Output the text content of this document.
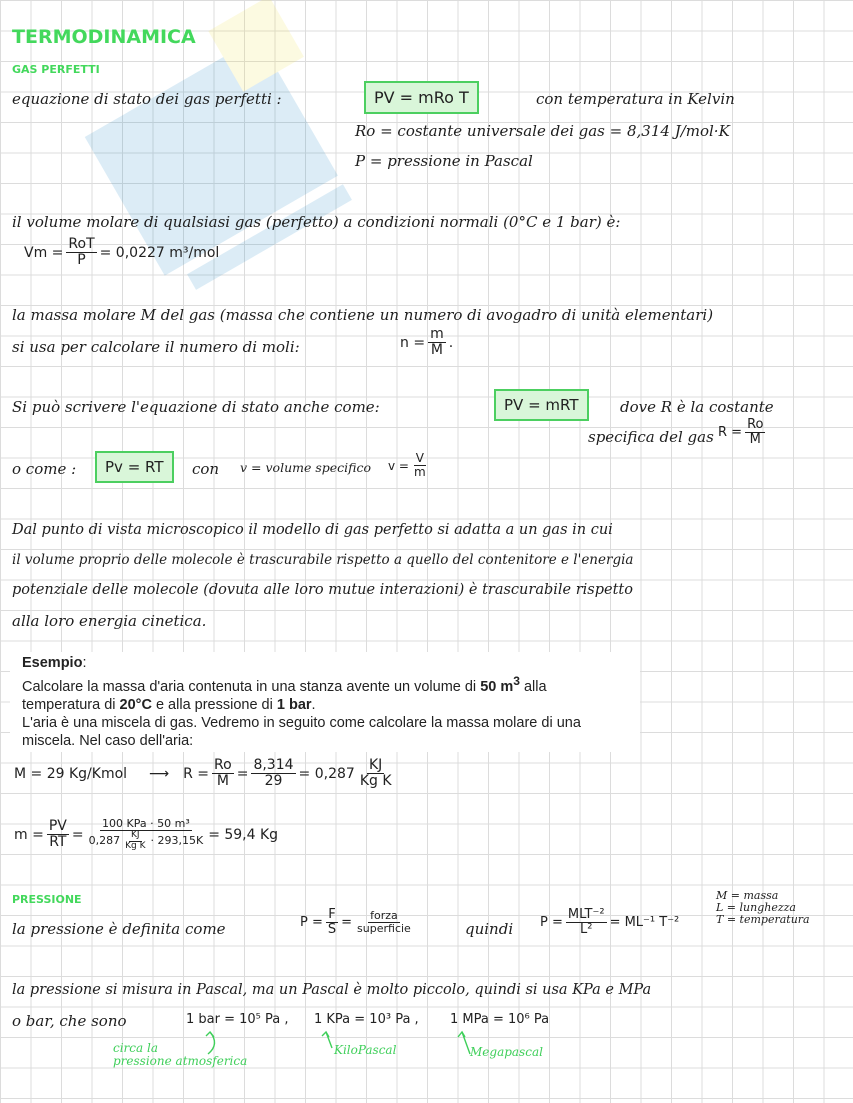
TERMODINAMICA
GAS PERFETTI
equazione di stato dei gas perfetti :	PV = mRo T	con temperatura in Kelvin
Ro = costante universale dei gas = 8,314 J/mol·K
P = pressione in Pascal
il volume molare di qualsiasi gas (perfetto) a condizioni normali (0°C e 1 bar) è:
$Vm = \frac{\text{RoT}}{P} = 0,0227$ m³/mol
la massa molare M del gas (massa che contiene un numero di avogadro di unità elementari)
si usa per calcolare il numero di moli:	$n = \frac{m}{M}$ .
Si può scrivere l'equazione di stato anche come:	PV = mRT	dove R è la costante
specifica del gas $R = \frac{Ro}{M}$
o come :	Pv = RT	con v = volume specifico $v = \frac{V}{m}$
Dal punto di vista microscopico il modello di gas perfetto si adatta a un gas in cui
il volume proprio delle molecole è trascurabile rispetto a quello del contenitore e l'energia
potenziale delle molecole (dovuta alle loro mutue interazioni) è trascurabile rispetto
alla loro energia cinetica.
Esempio:
Calcolare la massa d'aria contenuta in una stanza avente un volume di 50 $m^3$ alla
temperatura di 20°C e alla pressione di 1 bar.
L'aria è una miscela di gas. Vedremo in seguito come calcolare la massa molare di una
miscela. Nel caso dell'aria:
M = 29 Kg/Kmol ⟶ $R = \frac{Ro}{M} = \frac{8,314}{29} = 0,287 \frac{KJ}{\text{Kg K}}$
$m = \frac{PV}{RT} = \frac{\text{100 KPa · 50 m³}}{0,287 \frac{KJ}{\text{Kg K}} \cdot 293,15K} = 59,4$ Kg
PRESSIONE	M = massa
L = lunghezza
T = temperatura
la pressione è definita come	$P = \frac{F}{S} = \frac{\text{forza}}{\text{superficie}}$	quindi $P = \frac{\text{MLT⁻²}}{\text{L²}} = ML^{-1}$ T⁻²
la pressione si misura in Pascal, ma un Pascal è molto piccolo, quindi si usa KPa e MPa
o bar, che sono	1 bar = 10⁵ Pa , 1 KPa = 10³ Pa , 1 MPa = 10⁶ Pa
circa la
pressione atmosferica
KiloPascal	Megapascal
